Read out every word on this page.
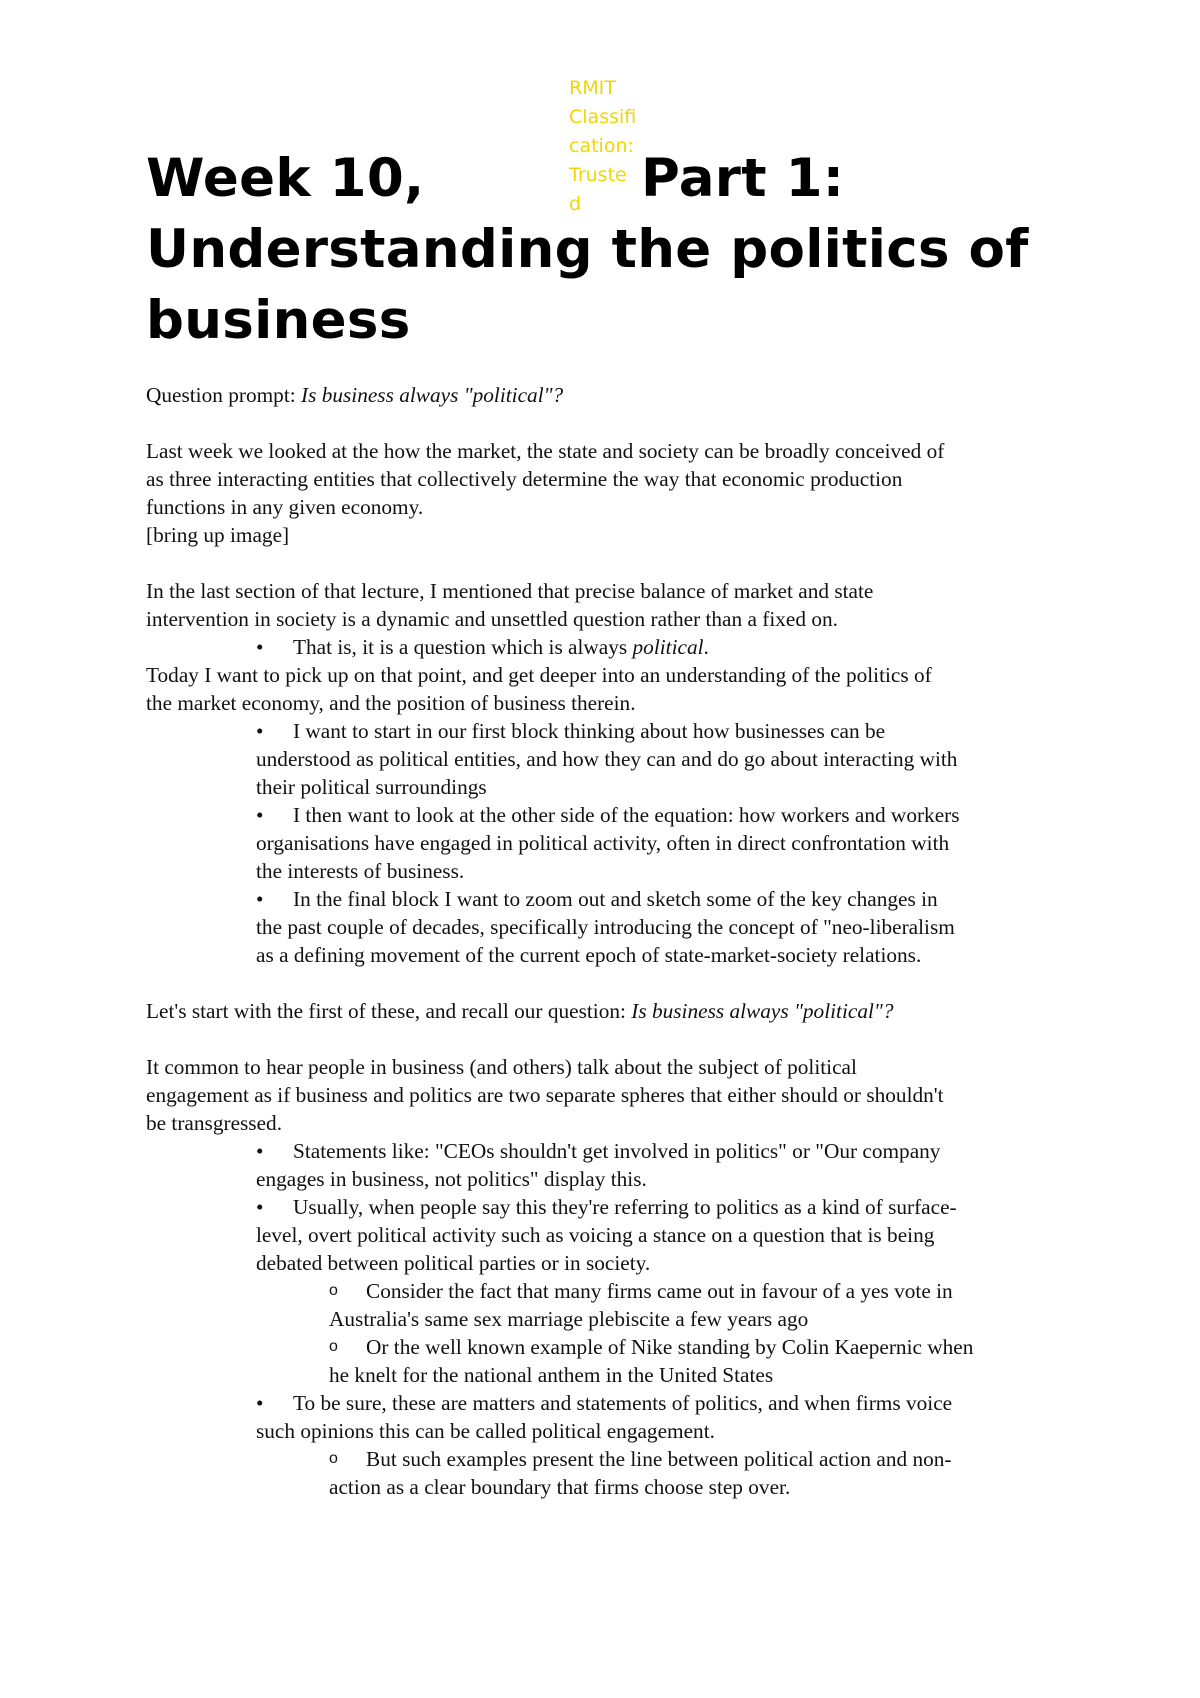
RMIT
Classifi
cation:
Truste
d
Week 10,	Part 1:
Understanding the politics of
business

Question prompt: Is business always "political"?

Last week we looked at the how the market, the state and society can be broadly conceived of
as three interacting entities that collectively determine the way that economic production
functions in any given economy.
[bring up image]

In the last section of that lecture, I mentioned that precise balance of market and state
intervention in society is a dynamic and unsettled question rather than a fixed on.

•	That is, it is a question which is always political.

Today I want to pick up on that point, and get deeper into an understanding of the politics of
the market economy, and the position of business therein.

•	I want to start in our first block thinking about how businesses can be
understood as political entities, and how they can and do go about interacting with
their political surroundings

•	I then want to look at the other side of the equation: how workers and workers
organisations have engaged in political activity, often in direct confrontation with
the interests of business.

•	In the final block I want to zoom out and sketch some of the key changes in
the past couple of decades, specifically introducing the concept of "neo-liberalism
as a defining movement of the current epoch of state-market-society relations.

Let's start with the first of these, and recall our question: Is business always "political"?

It common to hear people in business (and others) talk about the subject of political
engagement as if business and politics are two separate spheres that either should or shouldn't
be transgressed.

•	Statements like: "CEOs shouldn't get involved in politics" or "Our company
engages in business, not politics" display this.

•	Usually, when people say this they're referring to politics as a kind of surface-
level, overt political activity such as voicing a stance on a question that is being
debated between political parties or in society.

o Consider the fact that many firms came out in favour of a yes vote in
Australia's same sex marriage plebiscite a few years ago

o Or the well known example of Nike standing by Colin Kaepernic when
he knelt for the national anthem in the United States

•	To be sure, these are matters and statements of politics, and when firms voice
such opinions this can be called political engagement.

o But such examples present the line between political action and non-
action as a clear boundary that firms choose step over.
